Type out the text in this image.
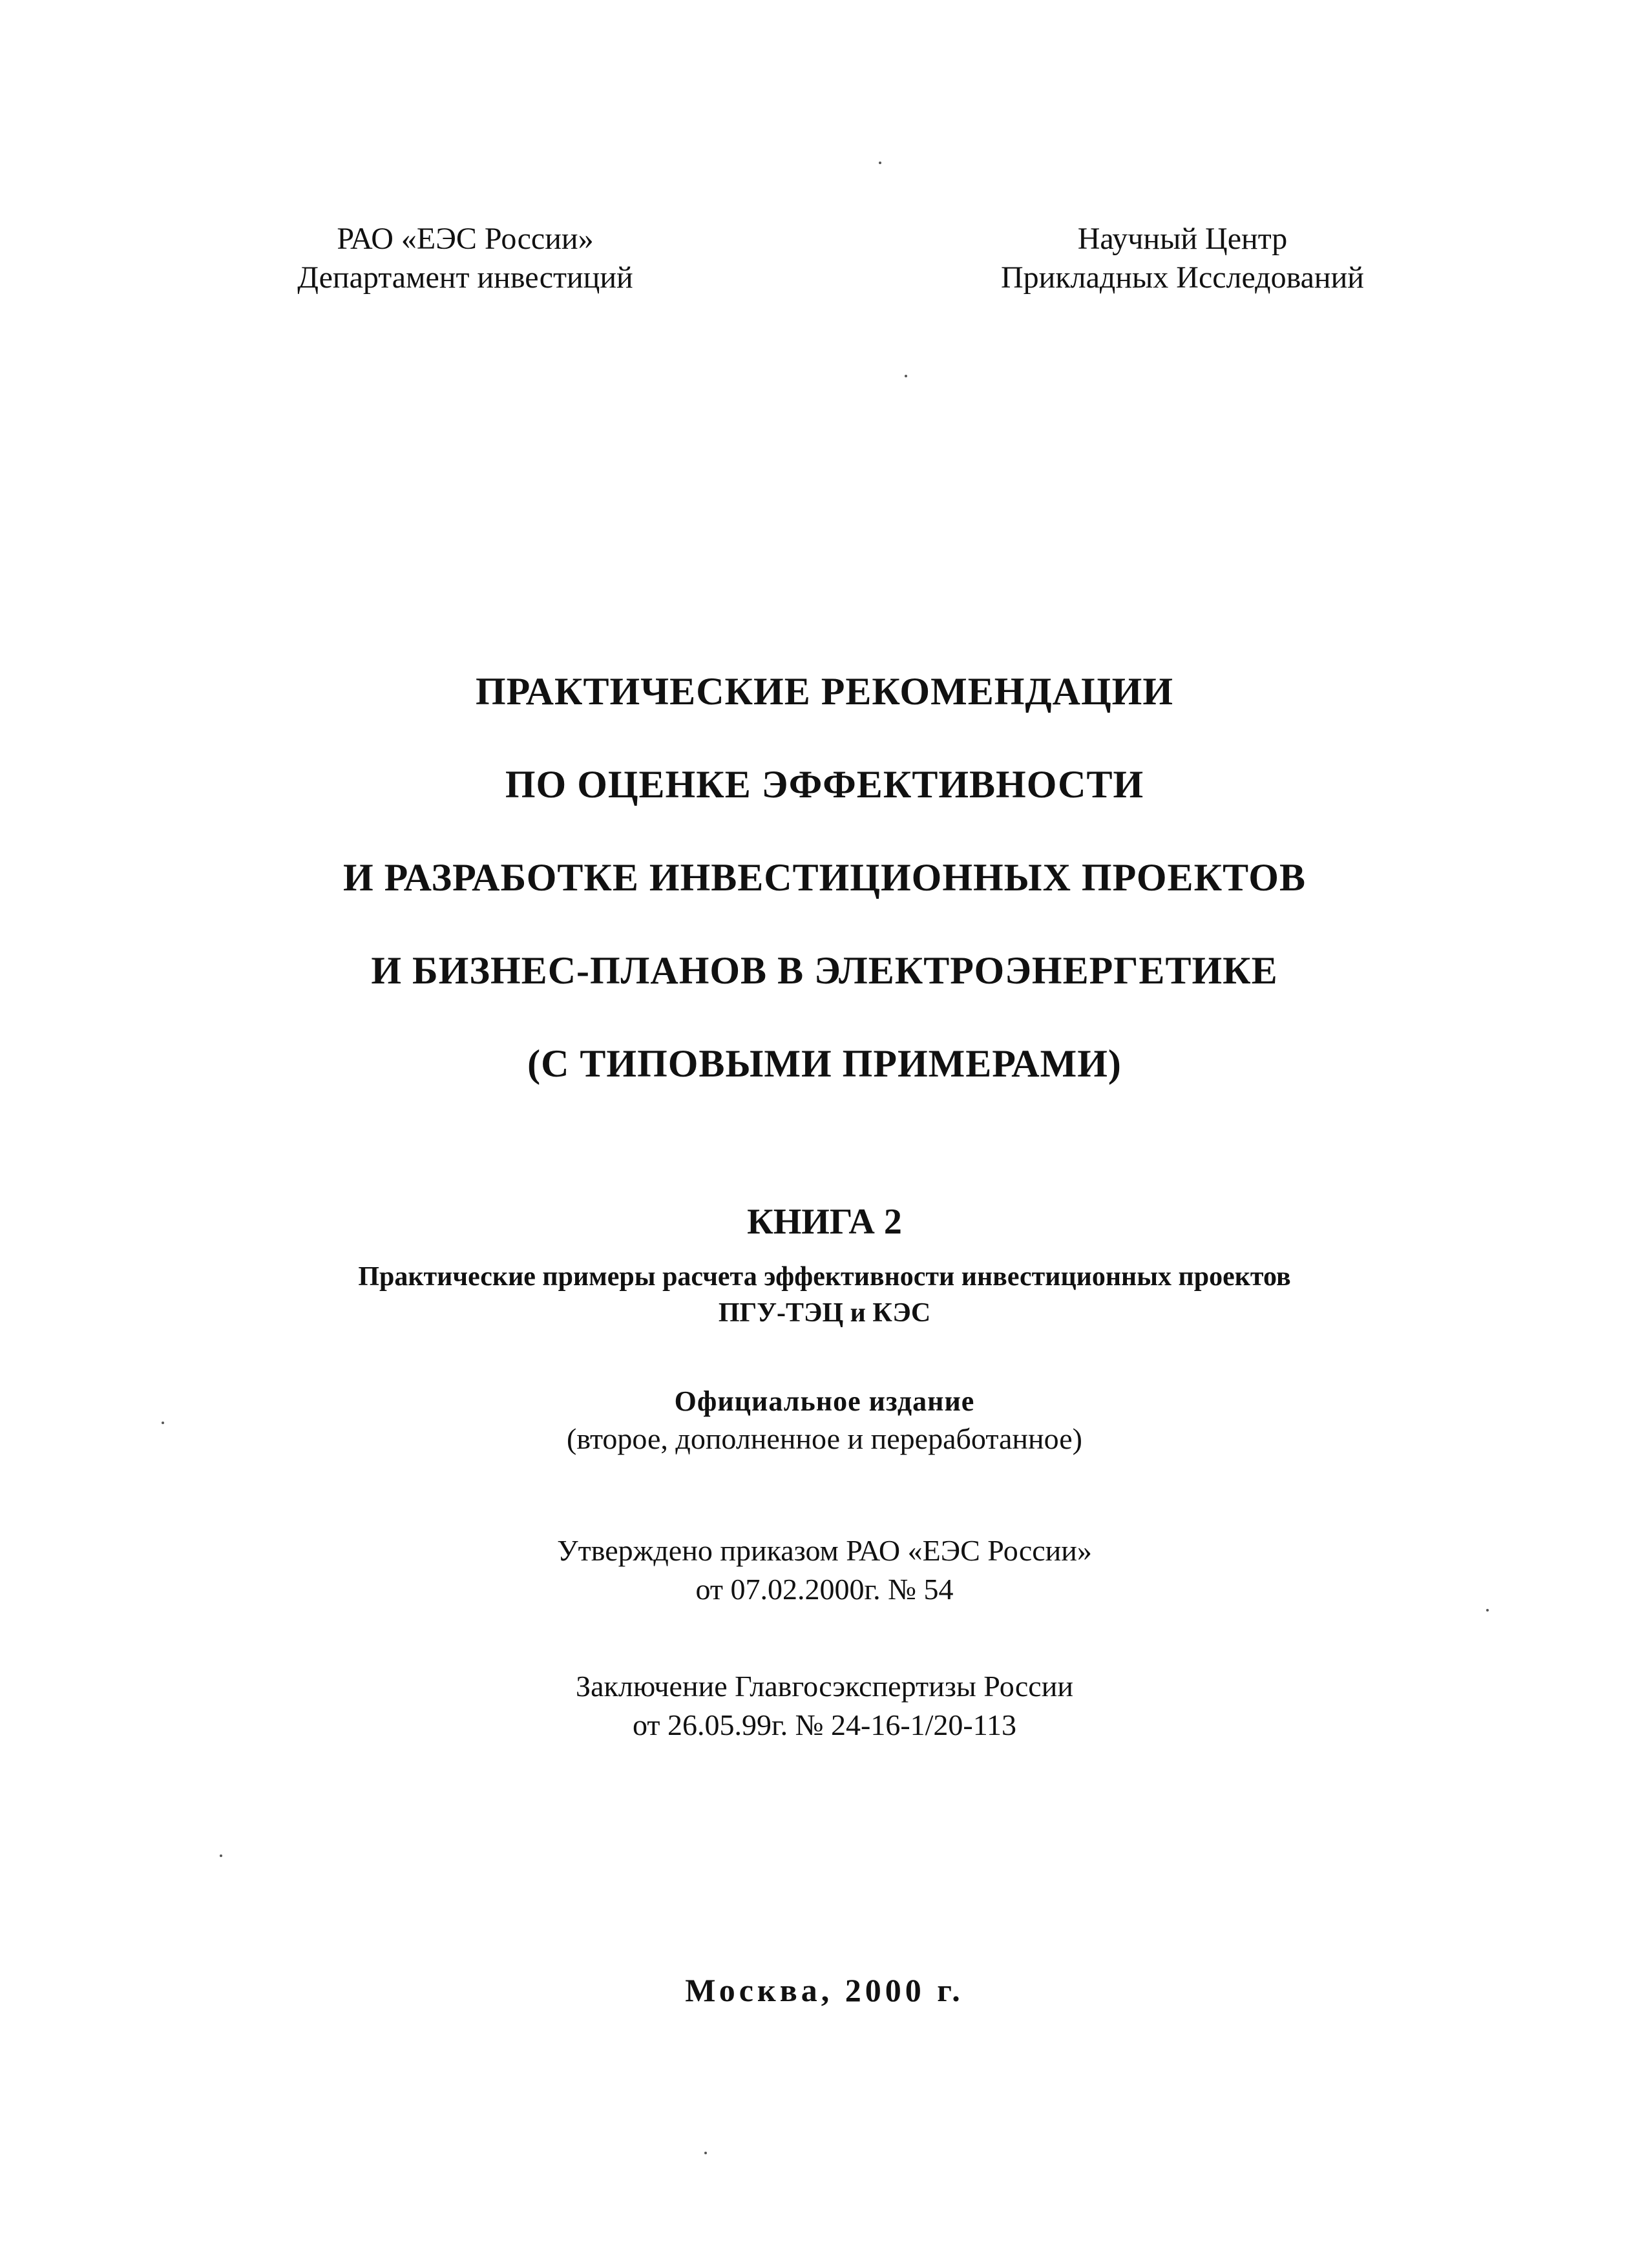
РАО «ЕЭС России»
Департамент инвестиций
Научный Центр
Прикладных Исследований
ПРАКТИЧЕСКИЕ РЕКОМЕНДАЦИИ
ПО ОЦЕНКЕ ЭФФЕКТИВНОСТИ
И РАЗРАБОТКЕ ИНВЕСТИЦИОННЫХ ПРОЕКТОВ
И БИЗНЕС-ПЛАНОВ В ЭЛЕКТРОЭНЕРГЕТИКЕ
(С ТИПОВЫМИ ПРИМЕРАМИ)
КНИГА 2
Практические примеры расчета эффективности инвестиционных проектов
ПГУ-ТЭЦ и КЭС
Официальное издание
(второе, дополненное и переработанное)
Утверждено приказом РАО «ЕЭС России»
от 07.02.2000г. № 54
Заключение Главгосэкспертизы России
от 26.05.99г. № 24-16-1/20-113
Москва, 2000 г.
